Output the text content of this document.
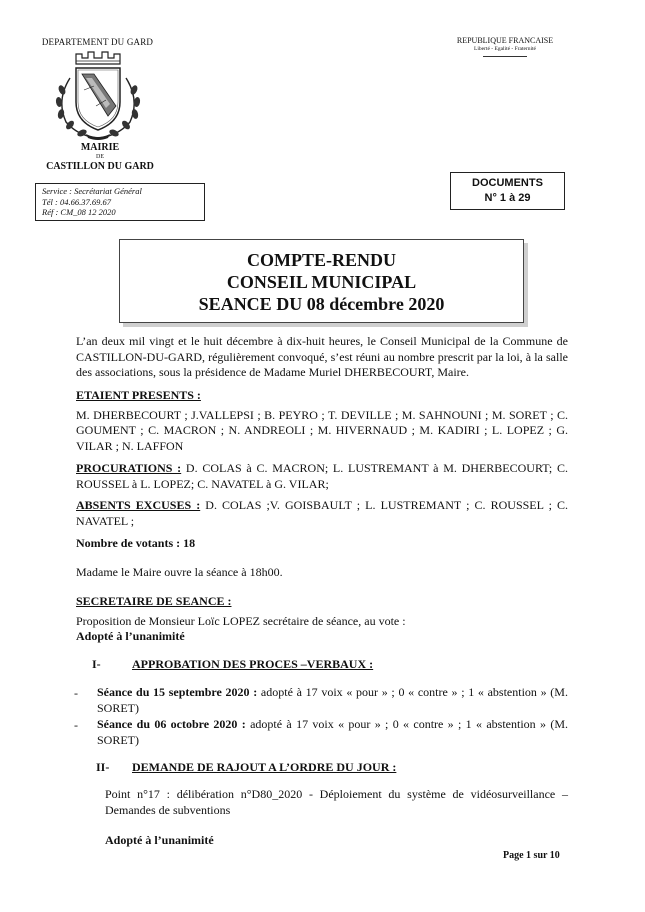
DEPARTEMENT DU GARD
MAIRIE
DE
CASTILLON DU GARD
REPUBLIQUE FRANCAISE
Liberté - Egalité - Fraternité
Service : Secrétariat Général
Tél : 04.66.37.69.67
Réf : CM_08 12 2020
DOCUMENTS
N° 1 à 29
COMPTE-RENDU
CONSEIL MUNICIPAL
SEANCE DU 08 décembre 2020
L’an deux mil vingt et le huit décembre à dix-huit heures, le Conseil Municipal de la Commune de CASTILLON-DU-GARD, régulièrement convoqué, s’est réuni au nombre prescrit par la loi, à la salle des associations, sous la présidence de Madame Muriel DHERBECOURT, Maire.
ETAIENT PRESENTS :
M. DHERBECOURT ; J.VALLEPSI ; B. PEYRO ; T. DEVILLE ; M. SAHNOUNI ; M. SORET ; C. GOUMENT ; C. MACRON ; N. ANDREOLI ; M. HIVERNAUD ; M. KADIRI ; L. LOPEZ ; G. VILAR ; N. LAFFON
PROCURATIONS : D. COLAS à C. MACRON; L. LUSTREMANT à M. DHERBECOURT; C. ROUSSEL à L. LOPEZ; C. NAVATEL à G. VILAR;
ABSENTS EXCUSES : D. COLAS ;V. GOISBAULT ; L. LUSTREMANT ; C. ROUSSEL ; C. NAVATEL ;
Nombre de votants : 18
Madame le Maire ouvre la séance à 18h00.
SECRETAIRE DE SEANCE :
Proposition de Monsieur Loïc LOPEZ secrétaire de séance, au vote :
Adopté à l’unanimité
I-	APPROBATION DES PROCES –VERBAUX :
- Séance du 15 septembre 2020 : adopté à 17 voix « pour » ; 0 « contre » ; 1 « abstention » (M. SORET)
- Séance du 06 octobre 2020 : adopté à 17 voix « pour » ; 0 « contre » ; 1 « abstention » (M. SORET)
II- DEMANDE DE RAJOUT A L’ORDRE DU JOUR :
Point n°17 : délibération n°D80_2020 - Déploiement du système de vidéosurveillance – Demandes de subventions
Adopté à l’unanimité
Page 1 sur 10
